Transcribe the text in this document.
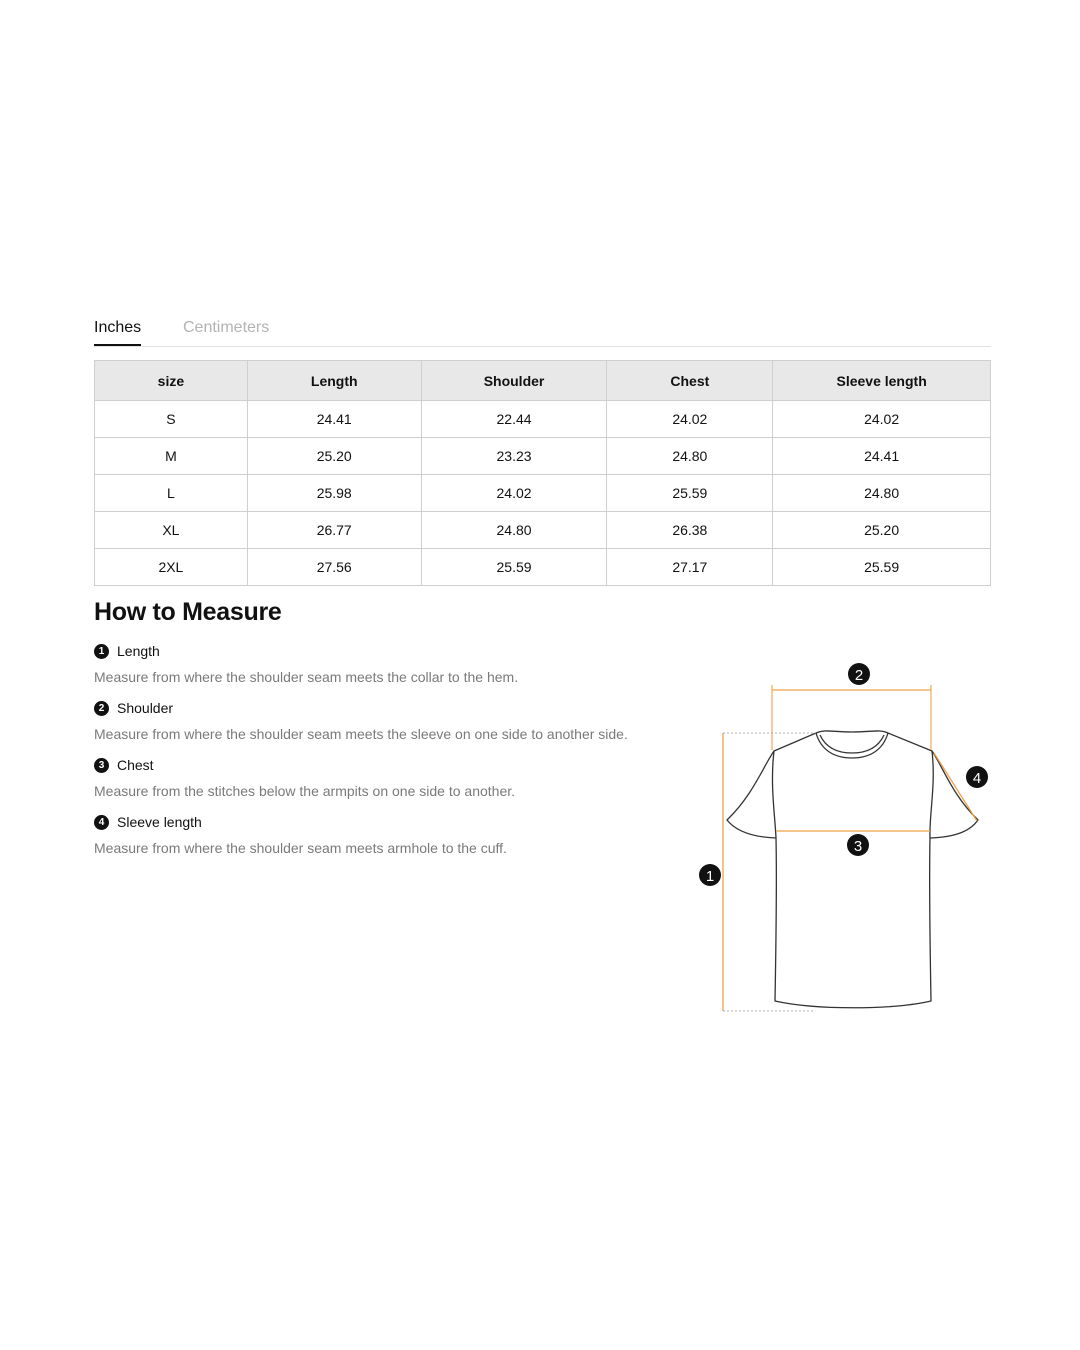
Inches	Centimeters
size	Length	Shoulder	Chest	Sleeve length
S	24.41	22.44	24.02	24.02
M	25.20	23.23	24.80	24.41
L	25.98	24.02	25.59	24.80
XL	26.77	24.80	26.38	25.20
2XL	27.56	25.59	27.17	25.59
How to Measure
1 Length
Measure from where the shoulder seam meets the collar to the hem.
2 Shoulder
Measure from where the shoulder seam meets the sleeve on one side to another side.
3 Chest
Measure from the stitches below the armpits on one side to another.
4 Sleeve length
Measure from where the shoulder seam meets armhole to the cuff.
1
2
3
4
